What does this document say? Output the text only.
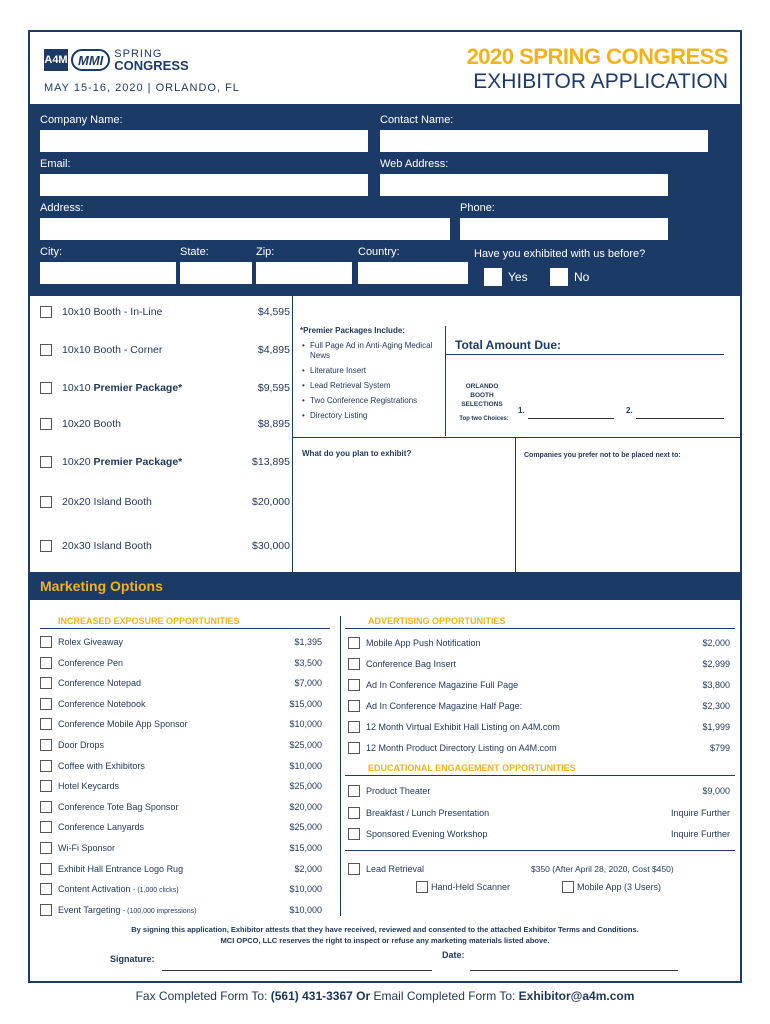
A4M MMI	SPRING
CONGRESS
MAY 15-16, 2020 | ORLANDO, FL
2020 SPRING CONGRESS
EXHIBITOR APPLICATION
Company Name:	Contact Name:
Email:	Web Address:
Address:	Phone:
City:	State:	Zip:	Country:	Have you exhibited with us before?
Yes	No
10x10 Booth - In-Line	$4,595
10x10 Booth - Corner	$4,895
10x10 Premier Package*	$9,595
10x20 Booth	$8,895
10x20 Premier Package*	$13,895
20x20 Island Booth	$20,000
20x30 Island Booth	$30,000
*Premier Packages Include:
• Full Page Ad in Anti-Aging Medical News
• Literature Insert
• Lead Retrieval System
• Two Conference Registrations
• Directory Listing
Total Amount Due:
ORLANDO BOOTH SELECTIONS
Top two Choices:
1.	2.
What do you plan to exhibit?	Companies you prefer not to be placed next to:
Marketing Options
INCREASED EXPOSURE OPPORTUNITIES	ADVERTISING OPPORTUNITIES
Rolex Giveaway	$1,395
Conference Pen	$3,500
Conference Notepad	$7,000
Conference Notebook	$15,000
Conference Mobile App Sponsor	$10,000
Door Drops	$25,000
Coffee with Exhibitors	$10,000
Hotel Keycards	$25,000
Conference Tote Bag Sponsor	$20,000
Conference Lanyards	$25,000
Wi-Fi Sponsor	$15,000
Exhibit Hall Entrance Logo Rug	$2,000
Content Activation - (1,000 clicks)	$10,000
Event Targeting - (100,000 impressions)	$10,000
Mobile App Push Notification	$2,000
Conference Bag Insert	$2,999
Ad In Conference Magazine Full Page	$3,800
Ad In Conference Magazine Half Page:	$2,300
12 Month Virtual Exhibit Hall Listing on A4M.com	$1,999
12 Month Product Directory Listing on A4M.com	$799
EDUCATIONAL ENGAGEMENT OPPORTUNITIES
Product Theater	$9,000
Breakfast / Lunch Presentation	Inquire Further
Sponsored Evening Workshop	Inquire Further
Lead Retrieval	$350 (After April 28, 2020, Cost $450)
Hand-Held Scanner	Mobile App (3 Users)
By signing this application, Exhibitor attests that they have received, reviewed and consented to the attached Exhibitor Terms and Conditions.
MCI OPCO, LLC reserves the right to inspect or refuse any marketing materials listed above.
Signature:	Date:
Fax Completed Form To: (561) 431-3367 Or Email Completed Form To: Exhibitor@a4m.com
